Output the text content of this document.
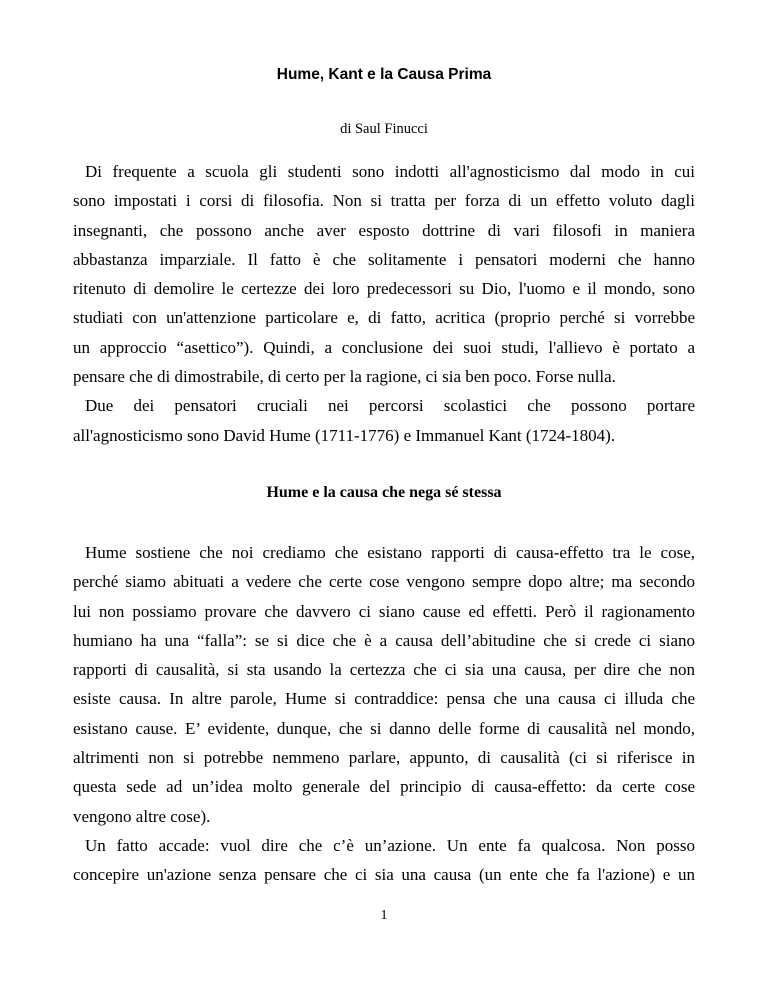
Hume, Kant e la Causa Prima
di Saul Finucci
Di frequente a scuola gli studenti sono indotti all'agnosticismo dal modo in cui
sono impostati i corsi di filosofia. Non si tratta per forza di un effetto voluto dagli
insegnanti, che possono anche aver esposto dottrine di vari filosofi in maniera
abbastanza imparziale. Il fatto è che solitamente i pensatori moderni che hanno
ritenuto di demolire le certezze dei loro predecessori su Dio, l'uomo e il mondo, sono
studiati con un'attenzione particolare e, di fatto, acritica (proprio perché si vorrebbe
un approccio “asettico”). Quindi, a conclusione dei suoi studi, l'allievo è portato a
pensare che di dimostrabile, di certo per la ragione, ci sia ben poco. Forse nulla.
Due dei pensatori cruciali nei percorsi scolastici che possono portare
all'agnosticismo sono David Hume (1711-1776) e Immanuel Kant (1724-1804).
Hume e la causa che nega sé stessa
Hume sostiene che noi crediamo che esistano rapporti di causa-effetto tra le cose,
perché siamo abituati a vedere che certe cose vengono sempre dopo altre; ma secondo
lui non possiamo provare che davvero ci siano cause ed effetti. Però il ragionamento
humiano ha una “falla”: se si dice che è a causa dell’abitudine che si crede ci siano
rapporti di causalità, si sta usando la certezza che ci sia una causa, per dire che non
esiste causa. In altre parole, Hume si contraddice: pensa che una causa ci illuda che
esistano cause. E’ evidente, dunque, che si danno delle forme di causalità nel mondo,
altrimenti non si potrebbe nemmeno parlare, appunto, di causalità (ci si riferisce in
questa sede ad un’idea molto generale del principio di causa-effetto: da certe cose
vengono altre cose).
Un fatto accade: vuol dire che c’è un’azione. Un ente fa qualcosa. Non posso
concepire un'azione senza pensare che ci sia una causa (un ente che fa l'azione) e un
1
